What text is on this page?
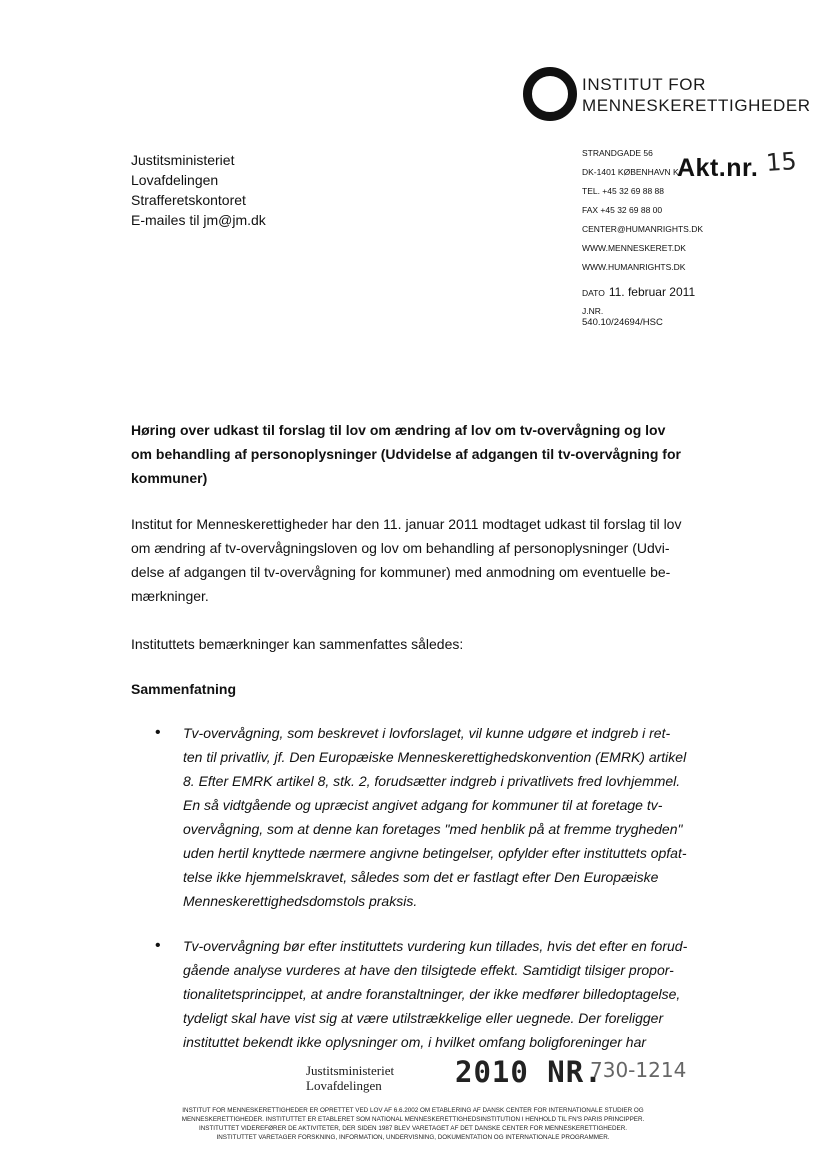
INSTITUT FOR
MENNESKERETTIGHEDER
Justitsministeriet
Lovafdelingen
Strafferetskontoret
E-mailes til jm@jm.dk
STRANDGADE 56
DK-1401 KØBENHAVN K
TEL. +45 32 69 88 88
FAX +45 32 69 88 00
CENTER@HUMANRIGHTS.DK
WWW.MENNESKERET.DK
WWW.HUMANRIGHTS.DK
Akt.nr. 15
DATO 11. februar 2011
J.NR.
540.10/24694/HSC
Høring over udkast til forslag til lov om ændring af lov om tv-overvågning og lov
om behandling af personoplysninger (Udvidelse af adgangen til tv-overvågning for
kommuner)
Institut for Menneskerettigheder har den 11. januar 2011 modtaget udkast til forslag til lov
om ændring af tv-overvågningsloven og lov om behandling af personoplysninger (Udvi-
delse af adgangen til tv-overvågning for kommuner) med anmodning om eventuelle be-
mærkninger.
Instituttets bemærkninger kan sammenfattes således:
Sammenfatning
• Tv-overvågning, som beskrevet i lovforslaget, vil kunne udgøre et indgreb i ret-
ten til privatliv, jf. Den Europæiske Menneskerettighedskonvention (EMRK) artikel
8. Efter EMRK artikel 8, stk. 2, forudsætter indgreb i privatlivets fred lovhjemmel.
En så vidtgående og upræcist angivet adgang for kommuner til at foretage tv-
overvågning, som at denne kan foretages "med henblik på at fremme trygheden"
uden hertil knyttede nærmere angivne betingelser, opfylder efter instituttets opfat-
telse ikke hjemmelskravet, således som det er fastlagt efter Den Europæiske
Menneskerettighedsdomstols praksis.
• Tv-overvågning bør efter instituttets vurdering kun tillades, hvis det efter en forud-
gående analyse vurderes at have den tilsigtede effekt. Samtidigt tilsiger propor-
tionalitetsprincippet, at andre foranstaltninger, der ikke medfører billedoptagelse,
tydeligt skal have vist sig at være utilstrækkelige eller uegnede. Der foreligger
instituttet bekendt ikke oplysninger om, i hvilket omfang boligforeninger har
Justitsministeriet
Lovafdelingen	2010 NR.
730-1214
INSTITUT FOR MENNESKERETTIGHEDER ER OPRETTET VED LOV AF 6.6.2002 OM ETABLERING AF DANSK CENTER FOR INTERNATIONALE STUDIER OG
MENNESKERETTIGHEDER. INSTITUTTET ER ETABLERET SOM NATIONAL MENNESKERETTIGHEDSINSTITUTION I HENHOLD TIL FN'S PARIS PRINCIPPER.
INSTITUTTET VIDEREFØRER DE AKTIVITETER, DER SIDEN 1987 BLEV VARETAGET AF DET DANSKE CENTER FOR MENNESKERETTIGHEDER.
INSTITUTTET VARETAGER FORSKNING, INFORMATION, UNDERVISNING, DOKUMENTATION OG INTERNATIONALE PROGRAMMER.
